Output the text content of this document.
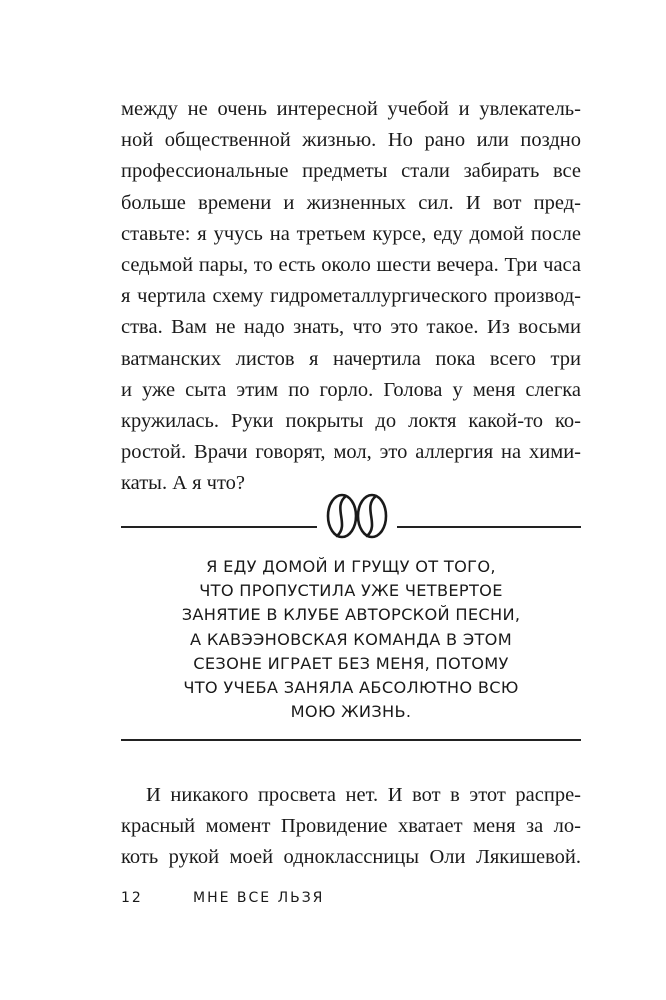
между не очень интересной учебой и увлекатель-
ной общественной жизнью. Но рано или поздно
профессиональные предметы стали забирать все
больше времени и жизненных сил. И вот пред-
ставьте: я учусь на третьем курсе, еду домой после
седьмой пары, то есть около шести вечера. Три часа
я чертила схему гидрометаллургического производ-
ства. Вам не надо знать, что это такое. Из восьми
ватманских листов я начертила пока всего три
и уже сыта этим по горло. Голова у меня слегка
кружилась. Руки покрыты до локтя какой-то ко-
ростой. Врачи говорят, мол, это аллергия на хими-
каты. А я что?
Я ЕДУ ДОМОЙ И ГРУЩУ ОТ ТОГО,
ЧТО ПРОПУСТИЛА УЖЕ ЧЕТВЕРТОЕ
ЗАНЯТИЕ В КЛУБЕ АВТОРСКОЙ ПЕСНИ,
А КАВЭЭНОВСКАЯ КОМАНДА В ЭТОМ
СЕЗОНЕ ИГРАЕТ БЕЗ МЕНЯ, ПОТОМУ
ЧТО УЧЕБА ЗАНЯЛА АБСОЛЮТНО ВСЮ
МОЮ ЖИЗНЬ.
И никакого просвета нет. И вот в этот распре-
красный момент Провидение хватает меня за ло-
коть рукой моей одноклассницы Оли Лякишевой.
12	МНЕ ВСЕ ЛЬЗЯ
